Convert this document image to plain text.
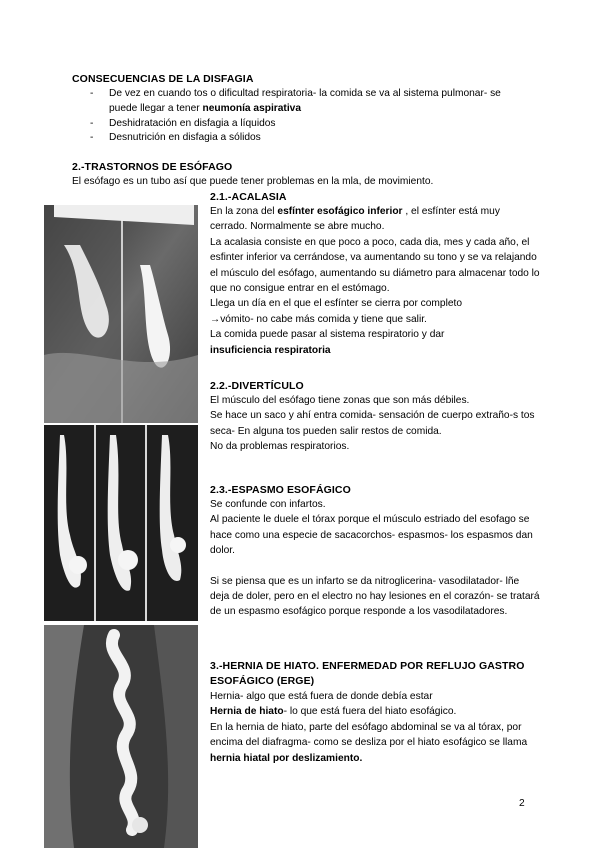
CONSECUENCIAS DE LA DISFAGIA
- De vez en cuando tos o dificultad respiratoria- la comida se va al sistema pulmonar- se puede llegar a tener neumonía aspirativa
- Deshidratación en disfagia a líquidos
- Desnutrición en disfagia a sólidos
2.-TRASTORNOS DE ESÓFAGO
El esófago es un tubo así que puede tener problemas en la mla, de movimiento.
2.1.-ACALASIA

En la zona del esfínter esofágico inferior , el esfínter está muy cerrado. Normalmente se abre mucho.

La acalasia consiste en que poco a poco, cada dia, mes y cada año, el esfinter inferior va cerrándose, va aumentando su tono y se va relajando el músculo del esófago, aumentando su diámetro para almacenar todo lo que no consigue entrar en el estómago.

Llega un día en el que el esfínter se cierra por completo

→vómito- no cabe más comida y tiene que salir.

La comida puede pasar al sistema respiratorio y dar

insuficiencia respiratoria

2.2.-DIVERTÍCULO

El músculo del esófago tiene zonas que son más débiles.

Se hace un saco y ahí entra comida- sensación de cuerpo extraño-s tos seca- En alguna tos pueden salir restos de comida.

No da problemas respiratorios.

2.3.-ESPASMO ESOFÁGICO

Se confunde con infartos.

Al paciente le duele el tórax porque el músculo estriado del esofago se hace como una especie de sacacorchos- espasmos- los espasmos dan dolor.

Si se piensa que es un infarto se da nitroglicerina- vasodilatador- lñe deja de doler, pero en el electro no hay lesiones en el corazón- se tratará de un espasmo esofágico porque responde a los vasodilatadores.

3.-HERNIA DE HIATO. ENFERMEDAD POR REFLUJO GASTRO ESOFÁGICO (ERGE)

Hernia- algo que está fuera de donde debía estar

Hernia de hiato- lo que está fuera del hiato esofágico.

En la hernia de hiato, parte del esófago abdominal se va al tórax, por encima del diafragma- como se desliza por el hiato esofágico se llama hernia hiatal por deslizamiento.

2
